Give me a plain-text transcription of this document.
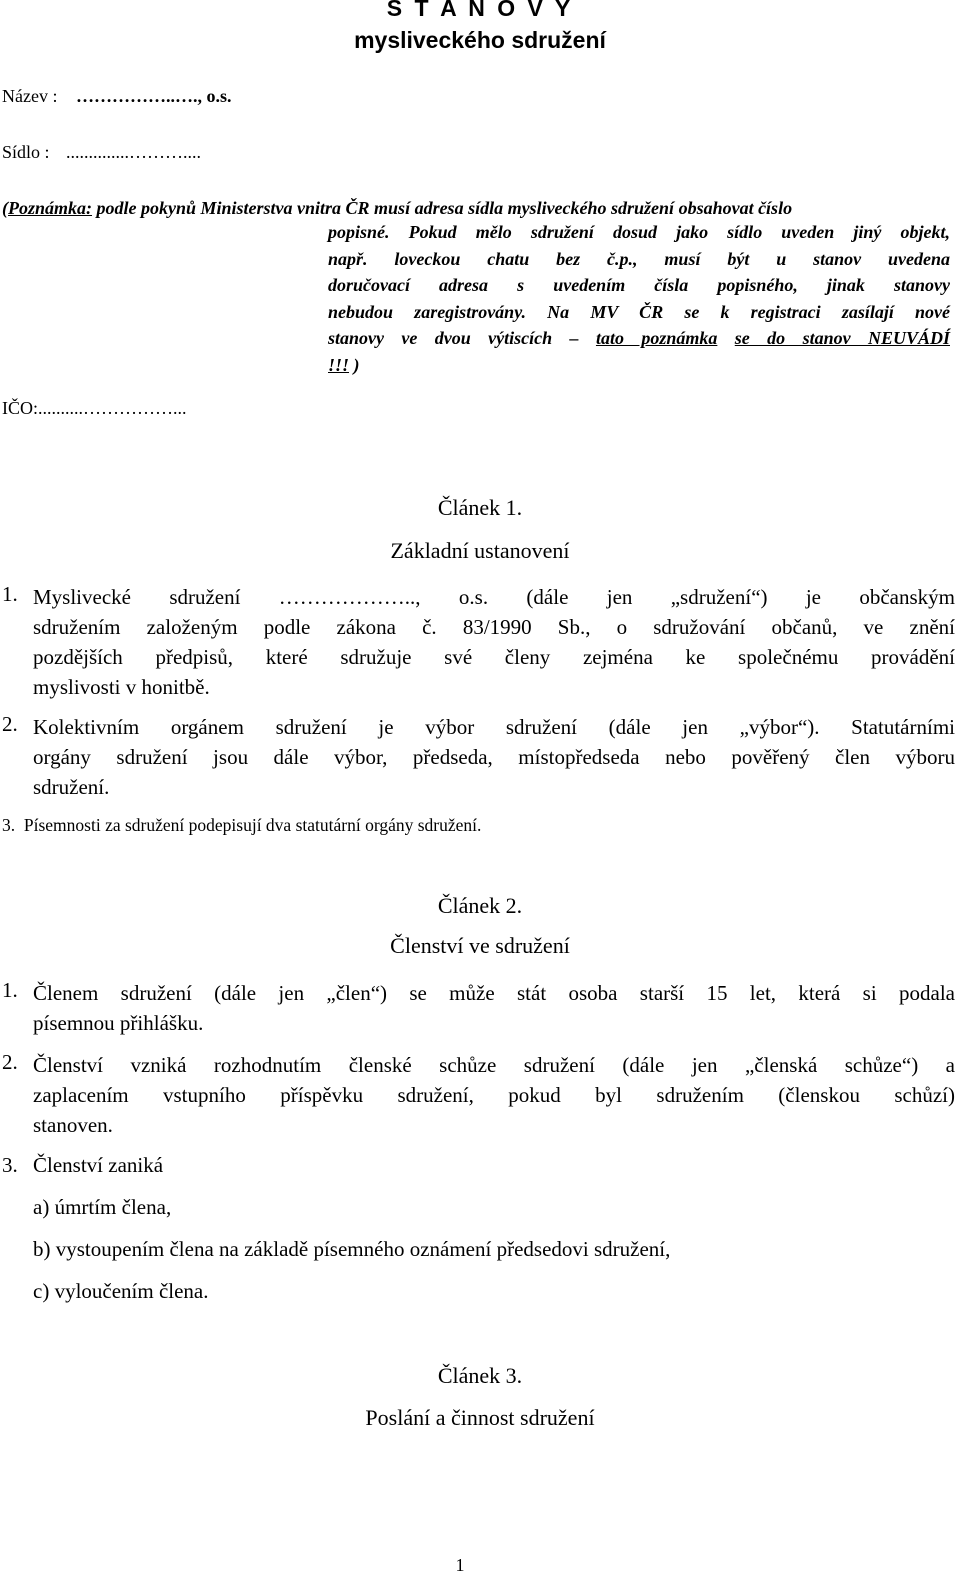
S T A N O V Y
mysliveckého sdružení
Název : ……………..…., o.s.
Sídlo : ..............………....
(Poznámka: podle pokynů Ministerstva vnitra ČR musí adresa sídla mysliveckého sdružení obsahovat číslo
popisné. Pokud mělo sdružení dosud jako sídlo uveden jiný objekt,
např. loveckou chatu bez č.p., musí být u stanov uvedena
doručovací adresa s uvedením čísla popisného, jinak stanovy
nebudou zaregistrovány. Na MV ČR se k registraci zasílají nové
stanovy ve dvou výtiscích – tato poznámka se do stanov NEUVÁDÍ
!!! )
IČO:..........……………...
Článek 1.
Základní ustanovení
1. Myslivecké sdružení ……………….., o.s. (dále jen „sdružení“) je občanským
sdružením založeným podle zákona č. 83/1990 Sb., o sdružování občanů, ve znění
pozdějších předpisů, které sdružuje své členy zejména ke společnému provádění
myslivosti v honitbě.
2. Kolektivním orgánem sdružení je výbor sdružení (dále jen „výbor“). Statutárními
orgány sdružení jsou dále výbor, předseda, místopředseda nebo pověřený člen výboru
sdružení.
3. Písemnosti za sdružení podepisují dva statutární orgány sdružení.
Článek 2.
Členství ve sdružení
1. Členem sdružení (dále jen „člen“) se může stát osoba starší 15 let, která si podala
písemnou přihlášku.
2. Členství vzniká rozhodnutím členské schůze sdružení (dále jen „členská schůze“) a
zaplacením vstupního příspěvku sdružení, pokud byl sdružením (členskou schůzí)
stanoven.
3. Členství zaniká
a) úmrtím člena,
b) vystoupením člena na základě písemného oznámení předsedovi sdružení,
c) vyloučením člena.
Článek 3.
Poslání a činnost sdružení
1
